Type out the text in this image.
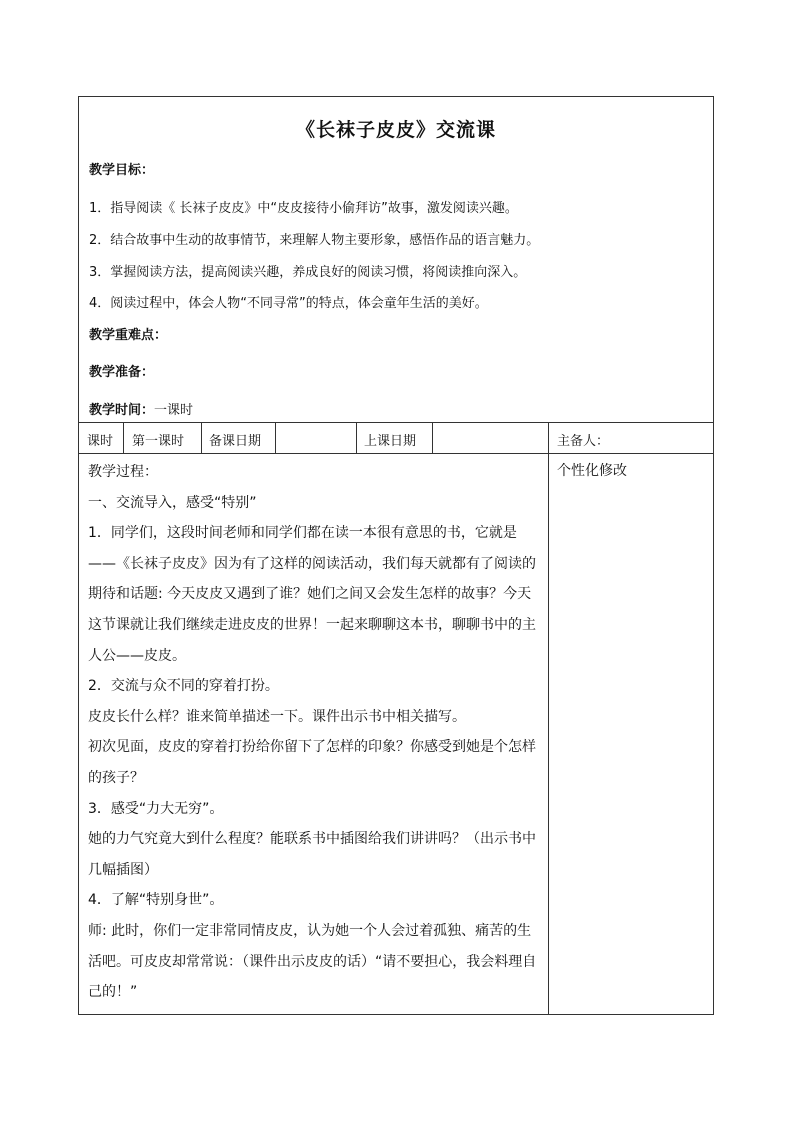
《长袜子皮皮》交流课
教学目标：
1．指导阅读《 长袜子皮皮》中“皮皮接待小偷拜访”故事，激发阅读兴趣。
2．结合故事中生动的故事情节，来理解人物主要形象，感悟作品的语言魅力。
3．掌握阅读方法，提高阅读兴趣，养成良好的阅读习惯，将阅读推向深入。
4．阅读过程中，体会人物“不同寻常”的特点，体会童年生活的美好。
教学重难点：
教学准备：
教学时间：一课时
课时 第一课时 备课日期	上课日期	主备人：

教学过程：

一、交流导入，感受“特别”

1．同学们，这段时间老师和同学们都在读一本很有意思的书，它就是——《长袜子皮皮》因为有了这样的阅读活动，我们每天就都有了阅读的期待和话题: 今天皮皮又遇到了谁？她们之间又会发生怎样的故事？今天这节课就让我们继续走进皮皮的世界！一起来聊聊这本书，聊聊书中的主人公——皮皮。

2．交流与众不同的穿着打扮。

皮皮长什么样？谁来简单描述一下。课件出示书中相关描写。

初次见面，皮皮的穿着打扮给你留下了怎样的印象？你感受到她是个怎样的孩子？

3．感受“力大无穷”。

她的力气究竟大到什么程度？能联系书中插图给我们讲讲吗？（出示书中几幅插图）

4．了解“特别身世”。

师: 此时，你们一定非常同情皮皮，认为她一个人会过着孤独、痛苦的生活吧。可皮皮却常常说：（课件出示皮皮的话）“请不要担心，我会料理自己的！”

个性化修改
